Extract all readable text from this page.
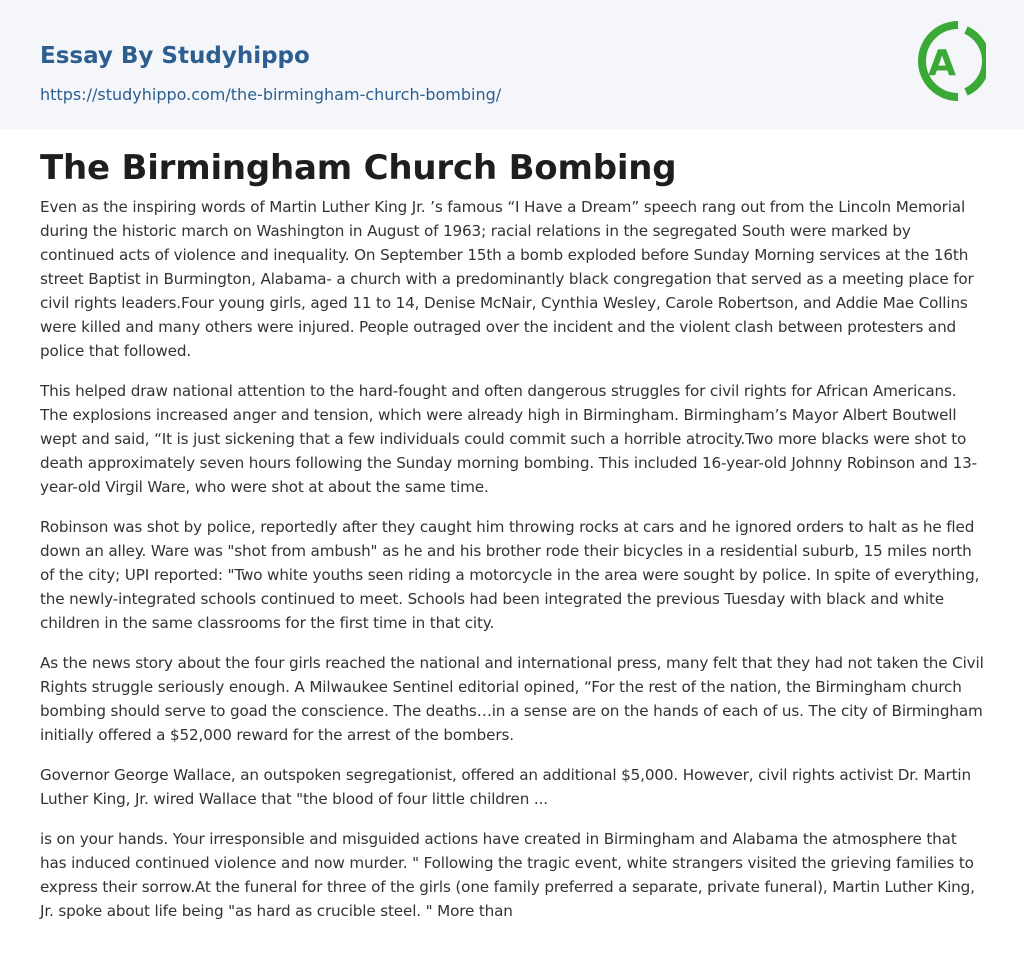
Essay By Studyhippo
https://studyhippo.com/the-birmingham-church-bombing/
A
The Birmingham Church Bombing

Even as the inspiring words of Martin Luther King Jr. ’s famous “I Have a Dream” speech rang out from the Lincoln Memorial during the historic march on Washington in August of 1963; racial relations in the segregated South were marked by continued acts of violence and inequality. On September 15th a bomb exploded before Sunday Morning services at the 16th street Baptist in Burmington, Alabama- a church with a predominantly black congregation that served as a meeting place for civil rights leaders.Four young girls, aged 11 to 14, Denise McNair, Cynthia Wesley, Carole Robertson, and Addie Mae Collins were killed and many others were injured. People outraged over the incident and the violent clash between protesters and police that followed.

This helped draw national attention to the hard-fought and often dangerous struggles for civil rights for African Americans. The explosions increased anger and tension, which were already high in Birmingham. Birmingham’s Mayor Albert Boutwell wept and said, “It is just sickening that a few individuals could commit such a horrible atrocity.Two more blacks were shot to death approximately seven hours following the Sunday morning bombing. This included 16-year-old Johnny Robinson and 13-year-old Virgil Ware, who were shot at about the same time.

Robinson was shot by police, reportedly after they caught him throwing rocks at cars and he ignored orders to halt as he fled down an alley. Ware was "shot from ambush" as he and his brother rode their bicycles in a residential suburb, 15 miles north of the city; UPI reported: "Two white youths seen riding a motorcycle in the area were sought by police. In spite of everything, the newly-integrated schools continued to meet. Schools had been integrated the previous Tuesday with black and white children in the same classrooms for the first time in that city.

As the news story about the four girls reached the national and international press, many felt that they had not taken the Civil Rights struggle seriously enough. A Milwaukee Sentinel editorial opined, “For the rest of the nation, the Birmingham church bombing should serve to goad the conscience. The deaths…in a sense are on the hands of each of us. The city of Birmingham initially offered a $52,000 reward for the arrest of the bombers.

Governor George Wallace, an outspoken segregationist, offered an additional $5,000. However, civil rights activist Dr. Martin Luther King, Jr. wired Wallace that "the blood of four little children ...

is on your hands. Your irresponsible and misguided actions have created in Birmingham and Alabama the atmosphere that has induced continued violence and now murder. " Following the tragic event, white strangers visited the grieving families to express their sorrow.At the funeral for three of the girls (one family preferred a separate, private funeral), Martin Luther King, Jr. spoke about life being "as hard as crucible steel. " More than
